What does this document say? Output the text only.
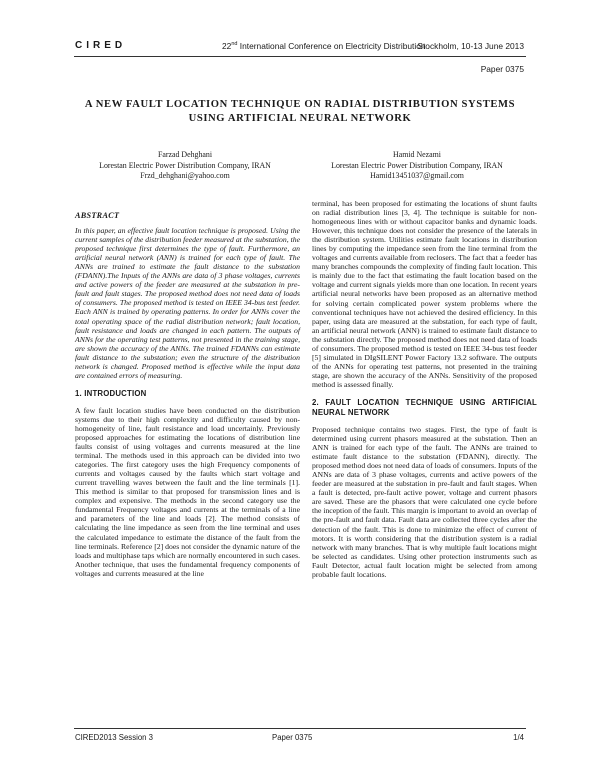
CIRED	22nd International Conference on Electricity Distribution
Stockholm, 10-13 June 2013
Paper 0375
A NEW FAULT LOCATION TECHNIQUE ON RADIAL DISTRIBUTION SYSTEMS USING ARTIFICIAL NEURAL NETWORK
Farzad Dehghani
Lorestan Electric Power Distribution Company, IRAN
Frzd_dehghani@yahoo.com
Hamid Nezami
Lorestan Electric Power Distribution Company, IRAN
Hamid13451037@gmail.com
ABSTRACT

In this paper, an effective fault location technique is proposed. Using the current samples of the distribution feeder measured at the substation, the proposed technique first determines the type of fault. Furthermore, an artificial neural network (ANN) is trained for each type of fault. The ANNs are trained to estimate the fault distance to the substation (FDANN).The Inputs of the ANNs are data of 3 phase voltages, currents and active powers of the feeder are measured at the substation in pre-fault and fault stages. The proposed method does not need data of loads of consumers. The proposed method is tested on IEEE 34-bus test feeder. Each ANN is trained by operating patterns. In order for ANNs cover the total operating space of the radial distribution network; fault location, fault resistance and loads are changed in each pattern. The outputs of ANNs for the operating test patterns, not presented in the training stage, are shown the accuracy of the ANNs. The trained FDANNs can estimate fault distance to the substation; even the structure of the distribution network is changed. Proposed method is effective while the input data are contained errors of measuring.

1. INTRODUCTION

A few fault location studies have been conducted on the distribution systems due to their high complexity and difficulty caused by non-homogeneity of line, fault resistance and load uncertainly. Previously proposed approaches for estimating the locations of distribution line faults consist of using voltages and currents measured at the line terminal. The methods used in this approach can be divided into two categories. The first category uses the high Frequency components of currents and voltages caused by the faults which start voltage and current travelling waves between the fault and the line terminals [1]. This method is similar to that proposed for transmission lines and is complex and expensive. The methods in the second category use the fundamental Frequency voltages and currents at the terminals of a line and parameters of the line and loads [2]. The method consists of calculating the line impedance as seen from the line terminal and uses the calculated impedance to estimate the distance of the fault from the line terminals. Reference [2] does not consider the dynamic nature of the loads and multiphase taps which are normally encountered in such cases. Another technique, that uses the fundamental frequency components of voltages and currents measured at the line

terminal, has been proposed for estimating the locations of shunt faults on radial distribution lines [3, 4]. The technique is suitable for non-homogeneous lines with or without capacitor banks and dynamic loads. However, this technique does not consider the presence of the laterals in the distribution system. Utilities estimate fault locations in distribution lines by computing the impedance seen from the line terminal from the voltages and currents available from reclosers. The fact that a feeder has many branches compounds the complexity of finding fault location. This is mainly due to the fact that estimating the fault location based on the voltage and current signals yields more than one location. In recent years artificial neural networks have been proposed as an alternative method for solving certain complicated power system problems where the conventional techniques have not achieved the desired efficiency. In this paper, using data are measured at the substation, for each type of fault, an artificial neural network (ANN) is trained to estimate fault distance to the substation directly. The proposed method does not need data of loads of consumers. The proposed method is tested on IEEE 34-bus test feeder [5] simulated in DIgSILENT Power Factory 13.2 software. The outputs of the ANNs for operating test patterns, not presented in the training stage, are shown the accuracy of the ANNs. Sensitivity of the proposed method is assessed finally.

2. FAULT LOCATION TECHNIQUE USING ARTIFICIAL NEURAL NETWORK

Proposed technique contains two stages. First, the type of fault is determined using current phasors measured at the substation. Then an ANN is trained for each type of the fault. The ANNs are trained to estimate fault distance to the substation (FDANN), directly. The proposed method does not need data of loads of consumers. Inputs of the ANNs are data of 3 phase voltages, currents and active powers of the feeder are measured at the substation in pre-fault and fault stages. When a fault is detected, pre-fault active power, voltage and current phasors are saved. These are the phasors that were calculated one cycle before the inception of the fault. This margin is important to avoid an overlap of the pre-fault and fault data. Fault data are collected three cycles after the detection of the fault. This is done to minimize the effect of current of motors. It is worth considering that the distribution system is a radial network with many branches. That is why multiple fault locations might be selected as candidates. Using other protection instruments such as Fault Detector, actual fault location might be selected from among probable fault locations.

CIRED2013 Session 3	Paper 0375	1/4
